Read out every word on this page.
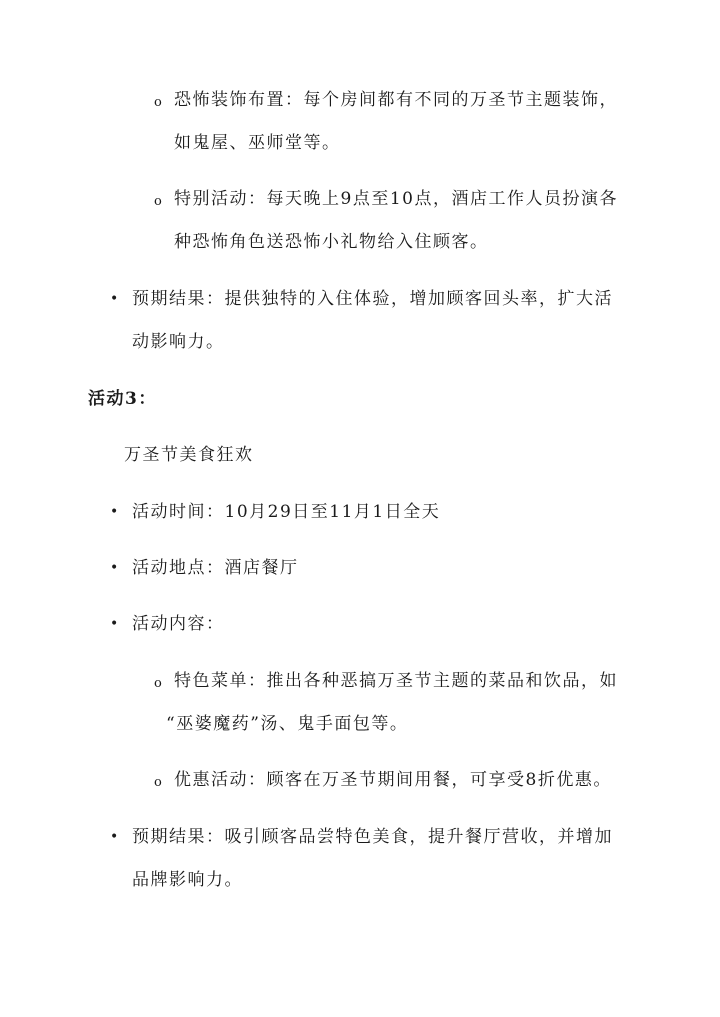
o 恐怖装饰布置：每个房间都有不同的万圣节主题装饰，
如鬼屋、巫师堂等。
o 特别活动：每天晚上9点至10点，酒店工作人员扮演各
种恐怖角色送恐怖小礼物给入住顾客。
• 预期结果：提供独特的入住体验，增加顾客回头率，扩大活
动影响力。
活动3：
万圣节美食狂欢
• 活动时间：10月29日至11月1日全天
• 活动地点：酒店餐厅
• 活动内容：
o 特色菜单：推出各种恶搞万圣节主题的菜品和饮品，如
“巫婆魔药”汤、鬼手面包等。
o 优惠活动：顾客在万圣节期间用餐，可享受8折优惠。
• 预期结果：吸引顾客品尝特色美食，提升餐厅营收，并增加
品牌影响力。
